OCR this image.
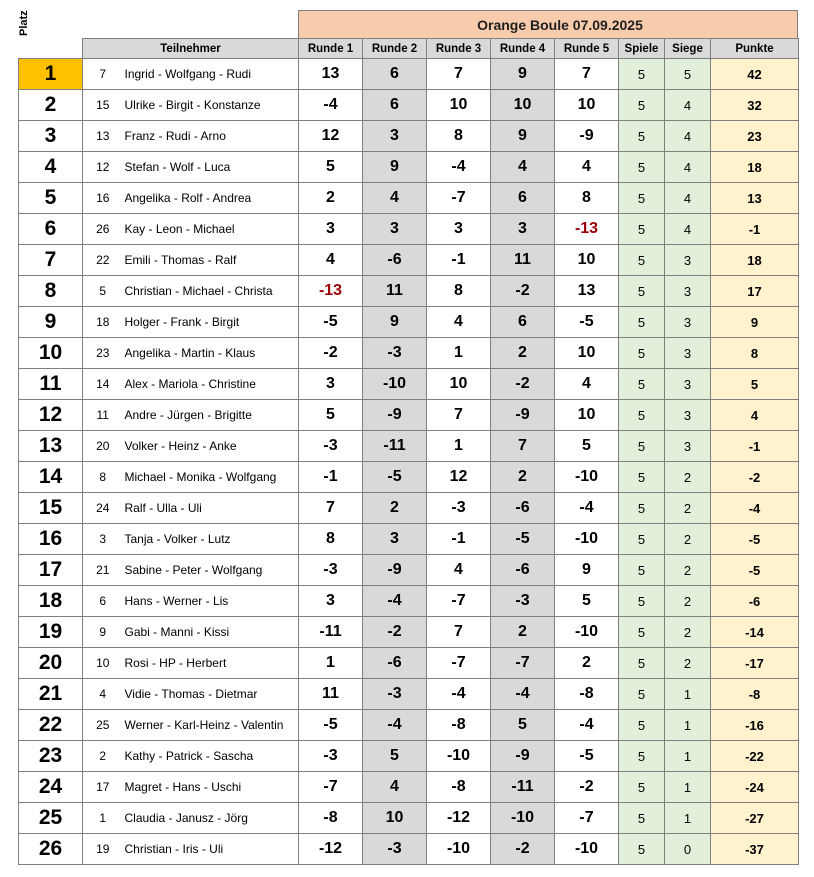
Platz	Orange Boule 07.09.2025
	Teilnehmer		Runde 1	Runde 2	Runde 3	Runde 4	Runde 5	Spiele	Siege	Punkte
1	7	Ingrid - Wolfgang - Rudi	13	6	7	9	7	5	5	42
2	15	Ulrike - Birgit - Konstanze	-4	6	10	10	10	5	4	32
3	13	Franz - Rudi - Arno	12	3	8	9	-9	5	4	23
4	12	Stefan - Wolf - Luca	5	9	-4	4	4	5	4	18
5	16	Angelika - Rolf - Andrea	2	4	-7	6	8	5	4	13
6	26	Kay - Leon - Michael	3	3	3	3	-13	5	4	-1
7	22	Emili - Thomas - Ralf	4	-6	-1	11	10	5	3	18
8	5	Christian - Michael - Christa	-13	11	8	-2	13	5	3	17
9	18	Holger - Frank - Birgit	-5	9	4	6	-5	5	3	9
10	23	Angelika - Martin - Klaus	-2	-3	1	2	10	5	3	8
11	14	Alex - Mariola - Christine	3	-10	10	-2	4	5	3	5
12	11	Andre - Jürgen - Brigitte	5	-9	7	-9	10	5	3	4
13	20	Volker - Heinz - Anke	-3	-11	1	7	5	5	3	-1
14	8	Michael - Monika - Wolfgang	-1	-5	12	2	-10	5	2	-2
15	24	Ralf - Ulla - Uli	7	2	-3	-6	-4	5	2	-4
16	3	Tanja - Volker - Lutz	8	3	-1	-5	-10	5	2	-5
17	21	Sabine - Peter - Wolfgang	-3	-9	4	-6	9	5	2	-5
18	6	Hans - Werner - Lis	3	-4	-7	-3	5	5	2	-6
19	9	Gabi - Manni - Kissi	-11	-2	7	2	-10	5	2	-14
20	10	Rosi - HP - Herbert	1	-6	-7	-7	2	5	2	-17
21	4	Vidie - Thomas - Dietmar	11	-3	-4	-4	-8	5	1	-8
22	25	Werner - Karl-Heinz - Valentin	-5	-4	-8	5	-4	5	1	-16
23	2	Kathy - Patrick - Sascha	-3	5	-10	-9	-5	5	1	-22
24	17	Magret - Hans - Uschi	-7	4	-8	-11	-2	5	1	-24
25	1	Claudia - Janusz - Jörg	-8	10	-12	-10	-7	5	1	-27
26	19	Christian - Iris - Uli	-12	-3	-10	-2	-10	5	0	-37
